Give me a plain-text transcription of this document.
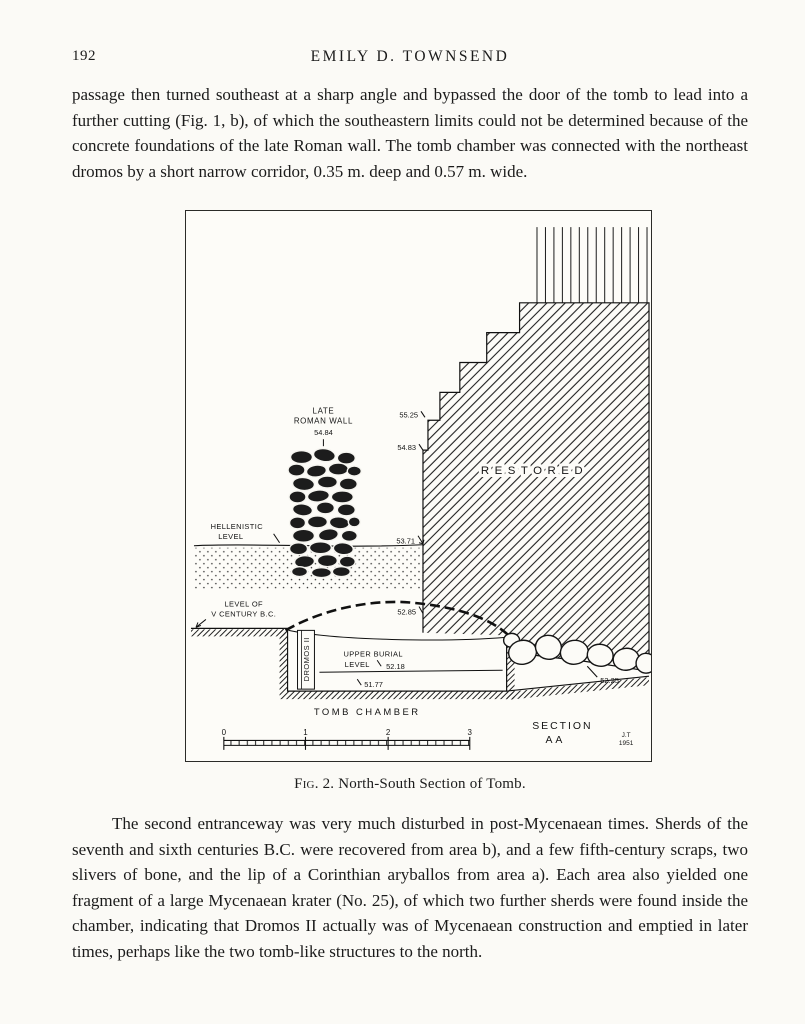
192	EMILY D. TOWNSEND

passage then turned southeast at a sharp angle and bypassed the door of the tomb to lead into a further cutting (Fig. 1, b), of which the southeastern limits could not be determined because of the concrete foundations of the late Roman wall. The tomb chamber was connected with the northeast dromos by a short narrow corridor, 0.35 m. deep and 0.57 m. wide.

RESTORED
HELLENISTIC
LEVEL
LATE
ROMAN WALL
54.84
55.25
54.83
53.71
LEVEL OF
V CENTURY B.C.
DROMOS II
52.85
UPPER BURIAL
LEVEL 52.18
51.77	52.25
TOMB CHAMBER
0	1	2	3
SECTION
AA	J.T
1951
Fig. 2. North-South Section of Tomb.

The second entranceway was very much disturbed in post-Mycenaean times. Sherds of the seventh and sixth centuries B.C. were recovered from area b), and a few fifth-century scraps, two slivers of bone, and the lip of a Corinthian aryballos from area a). Each area also yielded one fragment of a large Mycenaean krater (No. 25), of which two further sherds were found inside the chamber, indicating that Dromos II actually was of Mycenaean construction and emptied in later times, perhaps like the two tomb-like structures to the north.
